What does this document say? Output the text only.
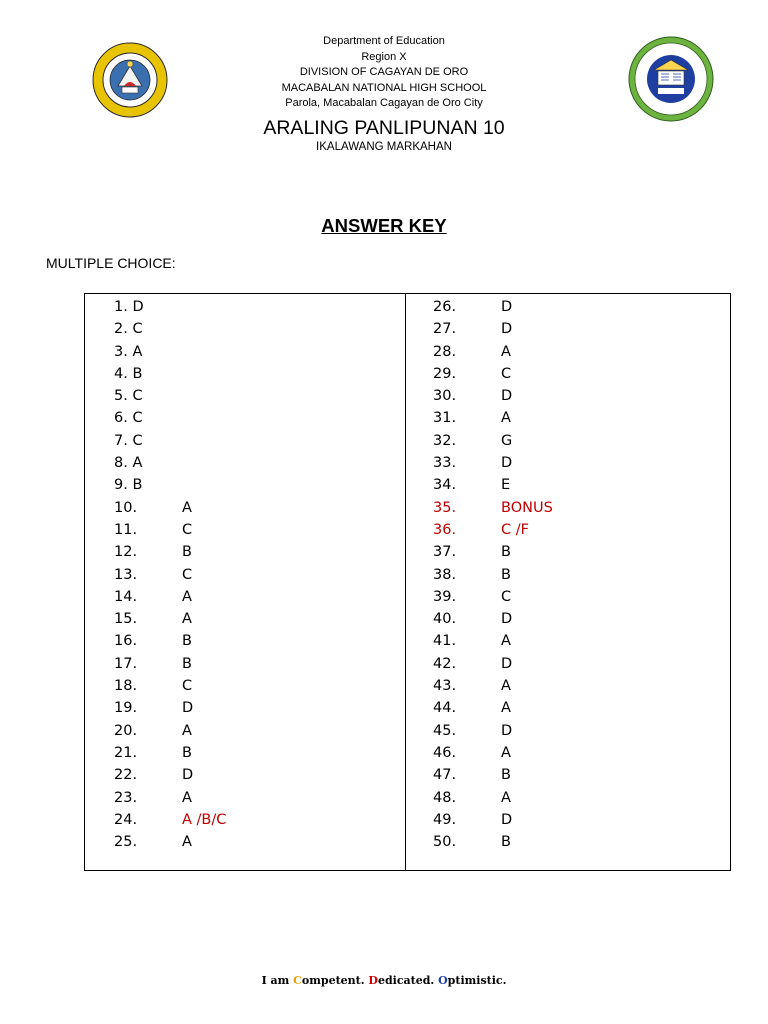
Department of Education
Region X
DIVISION OF CAGAYAN DE ORO
MACABALAN NATIONAL HIGH SCHOOL
Parola, Macabalan Cagayan de Oro City
ARALING PANLIPUNAN 10
IKALAWANG MARKAHAN
ANSWER KEY
MULTIPLE CHOICE:
1. D
2. C
3. A
4. B
5. C
6. C
7. C
8. A
9. B
10.	A
11.	C
12.	B
13.	C
14.	A
15.	A
16.	B
17.	B
18.	C
19.	D
20.	A
21.	B
22.	D
23.	A
24.	A /B/C
25.	A
26.	D
27.	D
28.	A
29.	C
30.	D
31.	A
32.	G
33.	D
34.	E
35.	BONUS
36.	C /F
37.	B
38.	B
39.	C
40.	D
41.	A
42.	D
43.	A
44.	A
45.	D
46.	A
47.	B
48.	A
49.	D
50.	B
I am Competent. Dedicated. Optimistic.
